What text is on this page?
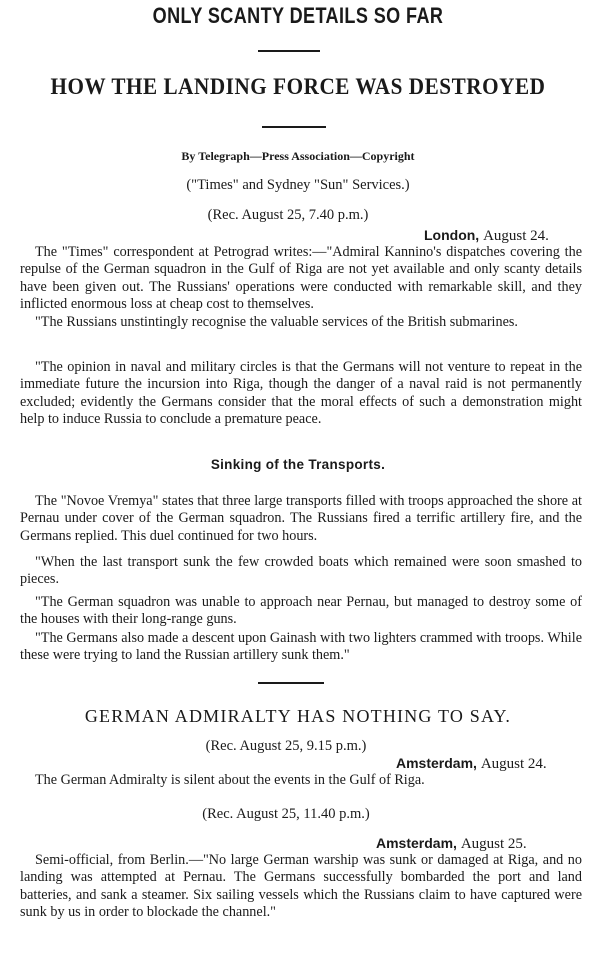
ONLY SCANTY DETAILS SO FAR
HOW THE LANDING FORCE WAS DESTROYED
By Telegraph—Press Association—Copyright
("Times" and Sydney "Sun" Services.)
(Rec. August 25, 7.40 p.m.)
London, August 24.

The "Times" correspondent at Petrograd writes:—"Admiral Kannino's dispatches covering the repulse of the German squadron in the Gulf of Riga are not yet available and only scanty details have been given out. The Russians' operations were conducted with remarkable skill, and they inflicted enormous loss at cheap cost to themselves.

"The Russians unstintingly recognise the valuable services of the British submarines.

"The opinion in naval and military circles is that the Germans will not venture to repeat in the immediate future the incursion into Riga, though the danger of a naval raid is not permanently excluded; evidently the Germans consider that the moral effects of such a demonstration might help to induce Russia to conclude a premature peace.

Sinking of the Transports.

The "Novoe Vremya" states that three large transports filled with troops approached the shore at Pernau under cover of the German squadron. The Russians fired a terrific artillery fire, and the Germans replied. This duel continued for two hours.

"When the last transport sunk the few crowded boats which remained were soon smashed to pieces.

"The German squadron was unable to approach near Pernau, but managed to destroy some of the houses with their long-range guns.

"The Germans also made a descent upon Gainash with two lighters crammed with troops. While these were trying to land the Russian artillery sunk them."

GERMAN ADMIRALTY HAS NOTHING TO SAY.
(Rec. August 25, 9.15 p.m.)
Amsterdam, August 24.

The German Admiralty is silent about the events in the Gulf of Riga.

(Rec. August 25, 11.40 p.m.)
Amsterdam, August 25.

Semi-official, from Berlin.—"No large German warship was sunk or damaged at Riga, and no landing was attempted at Pernau. The Germans successfully bombarded the port and land batteries, and sank a steamer. Six sailing vessels which the Russians claim to have captured were sunk by us in order to blockade the channel."
